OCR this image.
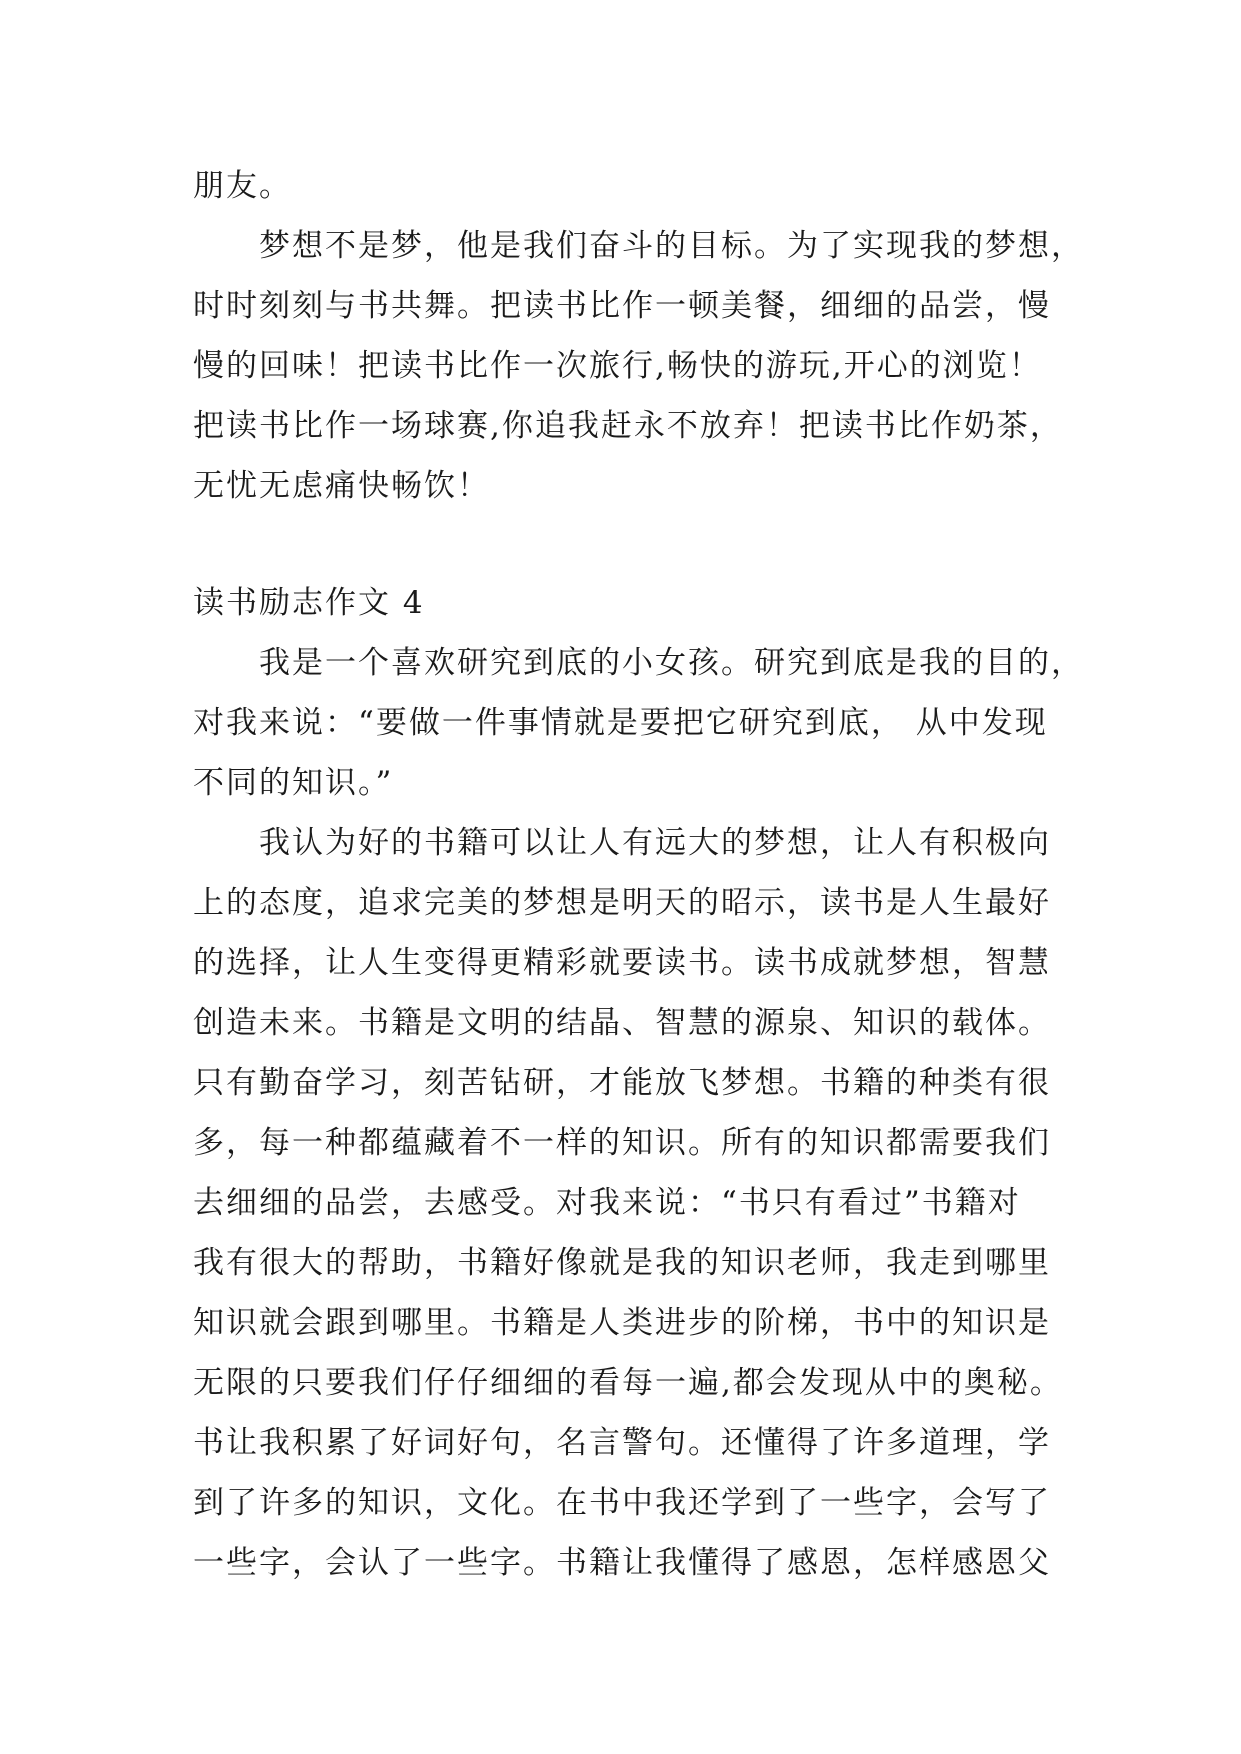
朋友。
梦想不是梦，他是我们奋斗的目标。为了实现我的梦想，
时时刻刻与书共舞。把读书比作一顿美餐，细细的品尝，慢
慢的回味！把读书比作一次旅行,畅快的游玩,开心的浏览！
把读书比作一场球赛,你追我赶永不放弃！把读书比作奶茶，
无忧无虑痛快畅饮！
读书励志作文 4
我是一个喜欢研究到底的小女孩。研究到底是我的目的，
对我来说：“要做一件事情就是要把它研究到底， 从中发现
不同的知识。”
我认为好的书籍可以让人有远大的梦想，让人有积极向
上的态度，追求完美的梦想是明天的昭示，读书是人生最好
的选择，让人生变得更精彩就要读书。读书成就梦想，智慧
创造未来。书籍是文明的结晶、智慧的源泉、知识的载体。
只有勤奋学习，刻苦钻研，才能放飞梦想。书籍的种类有很
多，每一种都蕴藏着不一样的知识。所有的知识都需要我们
去细细的品尝，去感受。对我来说：“书只有看过”书籍对
我有很大的帮助，书籍好像就是我的知识老师，我走到哪里
知识就会跟到哪里。书籍是人类进步的阶梯，书中的知识是
无限的只要我们仔仔细细的看每一遍,都会发现从中的奥秘。
书让我积累了好词好句，名言警句。还懂得了许多道理，学
到了许多的知识，文化。在书中我还学到了一些字，会写了
一些字，会认了一些字。书籍让我懂得了感恩，怎样感恩父
